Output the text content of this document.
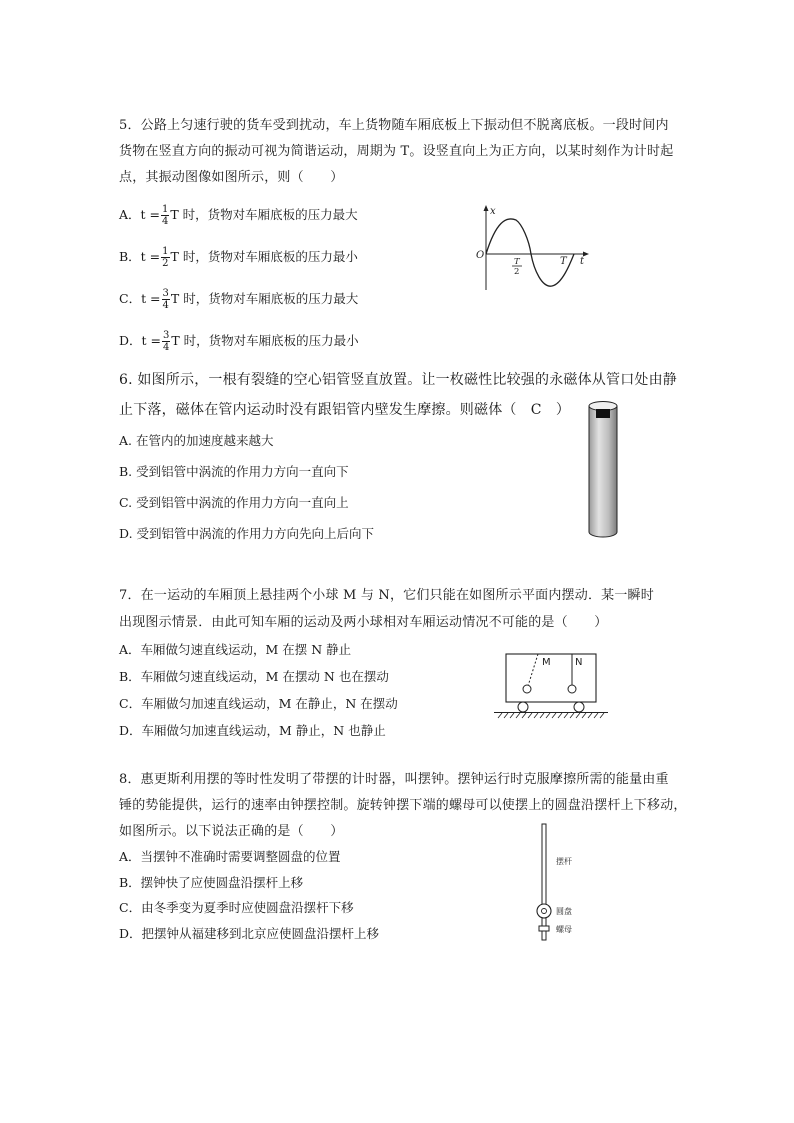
5．公路上匀速行驶的货车受到扰动，车上货物随车厢底板上下振动但不脱离底板。一段时间内
货物在竖直方向的振动可视为简谐运动，周期为 T。设竖直向上为正方向，以某时刻作为计时起
点，其振动图像如图所示，则（　　）
A．$t = \frac{1}{4}$ T 时，货物对车厢底板的压力最大
B．$t = \frac{1}{2}$ T 时，货物对车厢底板的压力最小
C．$t = \frac{3}{4}$ T 时，货物对车厢底板的压力最大
D．$t = \frac{3}{4}$ T 时，货物对车厢底板的压力最小
x
O
T
2
T t
6. 如图所示，一根有裂缝的空心铝管竖直放置。让一枚磁性比较强的永磁体从管口处由静
止下落，磁体在管内运动时没有跟铝管内壁发生摩擦。则磁体（　C　）
A. 在管内的加速度越来越大
B. 受到铝管中涡流的作用力方向一直向下
C. 受到铝管中涡流的作用力方向一直向上
D. 受到铝管中涡流的作用力方向先向上后向下
7．在一运动的车厢顶上悬挂两个小球 M 与 N，它们只能在如图所示平面内摆动．某一瞬时
出现图示情景．由此可知车厢的运动及两小球相对车厢运动情况不可能的是（　　）
A．车厢做匀速直线运动，M 在摆 N 静止
B．车厢做匀速直线运动，M 在摆动 N 也在摆动
C．车厢做匀加速直线运动，M 在静止，N 在摆动
D．车厢做匀加速直线运动，M 静止，N 也静止
M N
8．惠更斯利用摆的等时性发明了带摆的计时器，叫摆钟。摆钟运行时克服摩擦所需的能量由重
锤的势能提供，运行的速率由钟摆控制。旋转钟摆下端的螺母可以使摆上的圆盘沿摆杆上下移动，
如图所示。以下说法正确的是（　　）
A．当摆钟不准确时需要调整圆盘的位置
B．摆钟快了应使圆盘沿摆杆上移
C．由冬季变为夏季时应使圆盘沿摆杆下移
D．把摆钟从福建移到北京应使圆盘沿摆杆上移
摆杆
圆盘
螺母
